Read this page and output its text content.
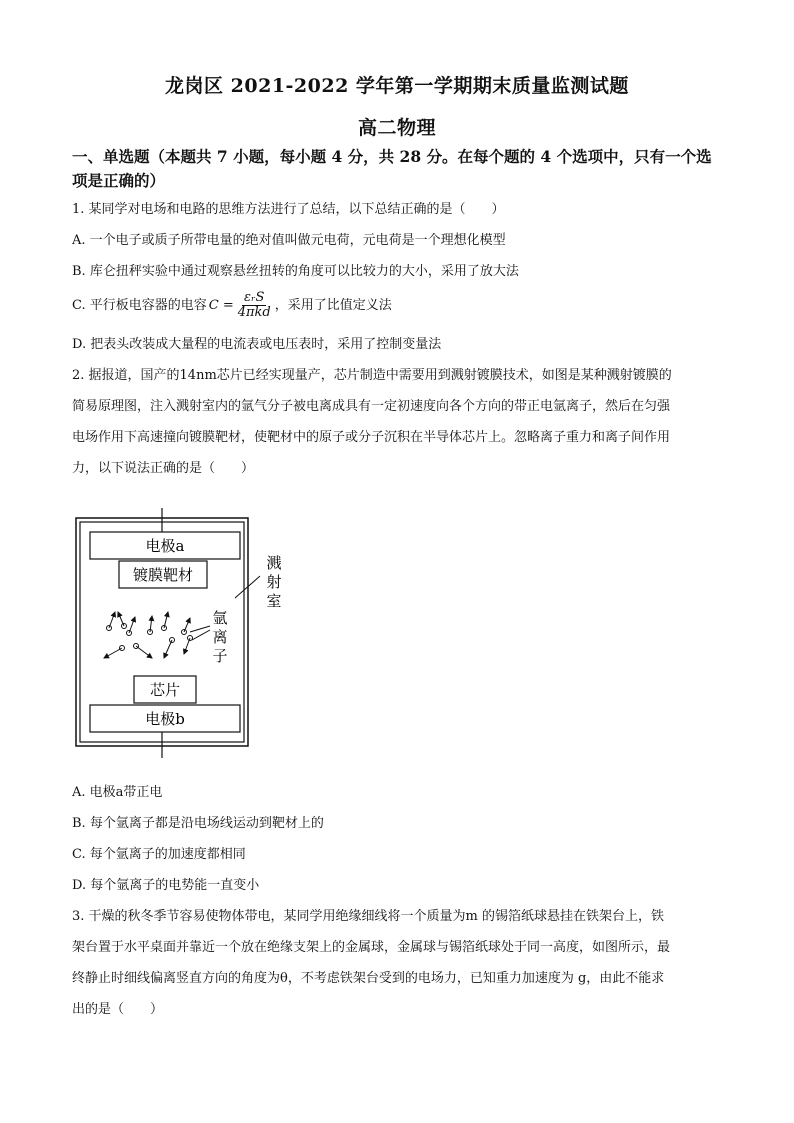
龙岗区 2021-2022 学年第一学期期末质量监测试题
高二物理
一、单选题（本题共 7 小题，每小题 4 分，共 28 分。在每个题的 4 个选项中，只有一个选
项是正确的）
1. 某同学对电场和电路的思维方法进行了总结，以下总结正确的是（　　）
A. 一个电子或质子所带电量的绝对值叫做元电荷，元电荷是一个理想化模型
B. 库仑扭秤实验中通过观察悬丝扭转的角度可以比较力的大小，采用了放大法
C. 平行板电容器的电容 $C = \frac{\text{εᵣS}}{\text{4πkd}}$ ，采用了比值定义法
D. 把表头改装成大量程的电流表或电压表时，采用了控制变量法
2. 据报道，国产的14nm芯片已经实现量产，芯片制造中需要用到溅射镀膜技术，如图是某种溅射镀膜的
简易原理图，注入溅射室内的氩气分子被电离成具有一定初速度向各个方向的带正电氩离子，然后在匀强
电场作用下高速撞向镀膜靶材，使靶材中的原子或分子沉积在半导体芯片上。忽略离子重力和离子间作用
力，以下说法正确的是（　　）
电极a
镀膜靶材
溅射室
氩离子
芯片
电极b
A. 电极a带正电
B. 每个氩离子都是沿电场线运动到靶材上的
C. 每个氩离子的加速度都相同
D. 每个氩离子的电势能一直变小
3. 干燥的秋冬季节容易使物体带电，某同学用绝缘细线将一个质量为m 的锡箔纸球悬挂在铁架台上，铁
架台置于水平桌面并靠近一个放在绝缘支架上的金属球，金属球与锡箔纸球处于同一高度，如图所示，最
终静止时细线偏离竖直方向的角度为θ，不考虑铁架台受到的电场力，已知重力加速度为 g，由此不能求
出的是（　　）
